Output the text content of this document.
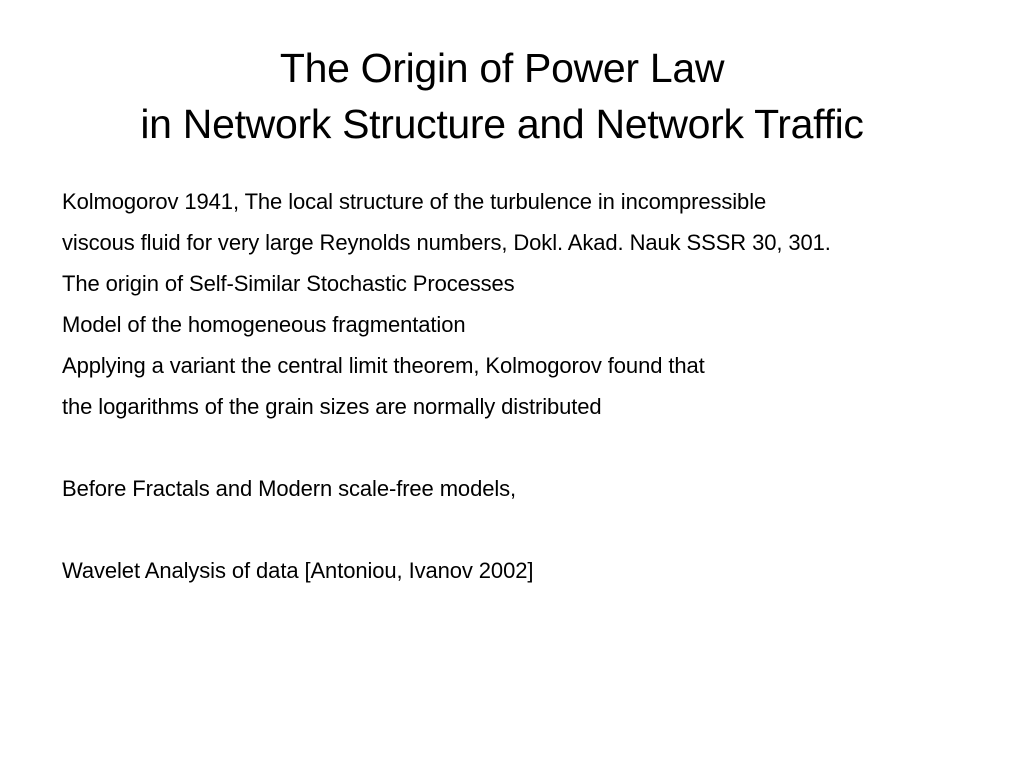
The Origin of Power Law
in Network Structure and Network Traffic
Kolmogorov 1941, The local structure of the turbulence in incompressible
viscous fluid for very large Reynolds numbers, Dokl. Akad. Nauk SSSR 30, 301.
The origin of Self-Similar Stochastic Processes
Model of the homogeneous fragmentation
Applying a variant the central limit theorem, Kolmogorov found that
the logarithms of the grain sizes are normally distributed
Before Fractals and Modern scale-free models,
Wavelet Analysis of data [Antoniou, Ivanov 2002]
